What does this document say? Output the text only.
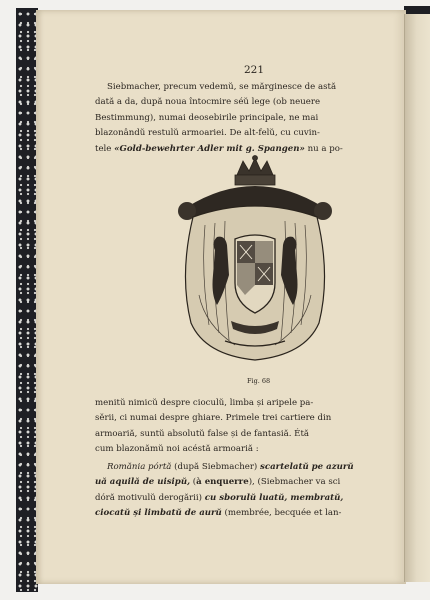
221
Siebmacher, precum vedemŭ, se mărginesce de astă
dată a da, după noua întocmire séŭ lege (ob neuere
Bestimmung), numai deosebirile principale, ne mai
blazonândŭ restulŭ armoariei. De alt-felŭ, cu cuvin-
tele «Gold-bewehrter Adler mit g. Spangen» nu a po-
Fig. 68
menitŭ nimicŭ despre cioculŭ, limba și aripele pa-
sĕrii, ci numai despre ghiare. Primele trei cartiere din
armoariă, suntŭ absolutŭ false și de fantasiă. Étă
cum blazonămŭ noi acéstă armoariă :
Romănia pórtă (după Siebmacher) scartelatŭ pe azurŭ
uă aquilă de uisipŭ, (à enquerre), (Siebmacher va sci
dóră motivulŭ derogării) cu sborulŭ luatŭ, membratŭ,
ciocatŭ și limbatŭ de aurŭ (membrée, becquée et lan-
